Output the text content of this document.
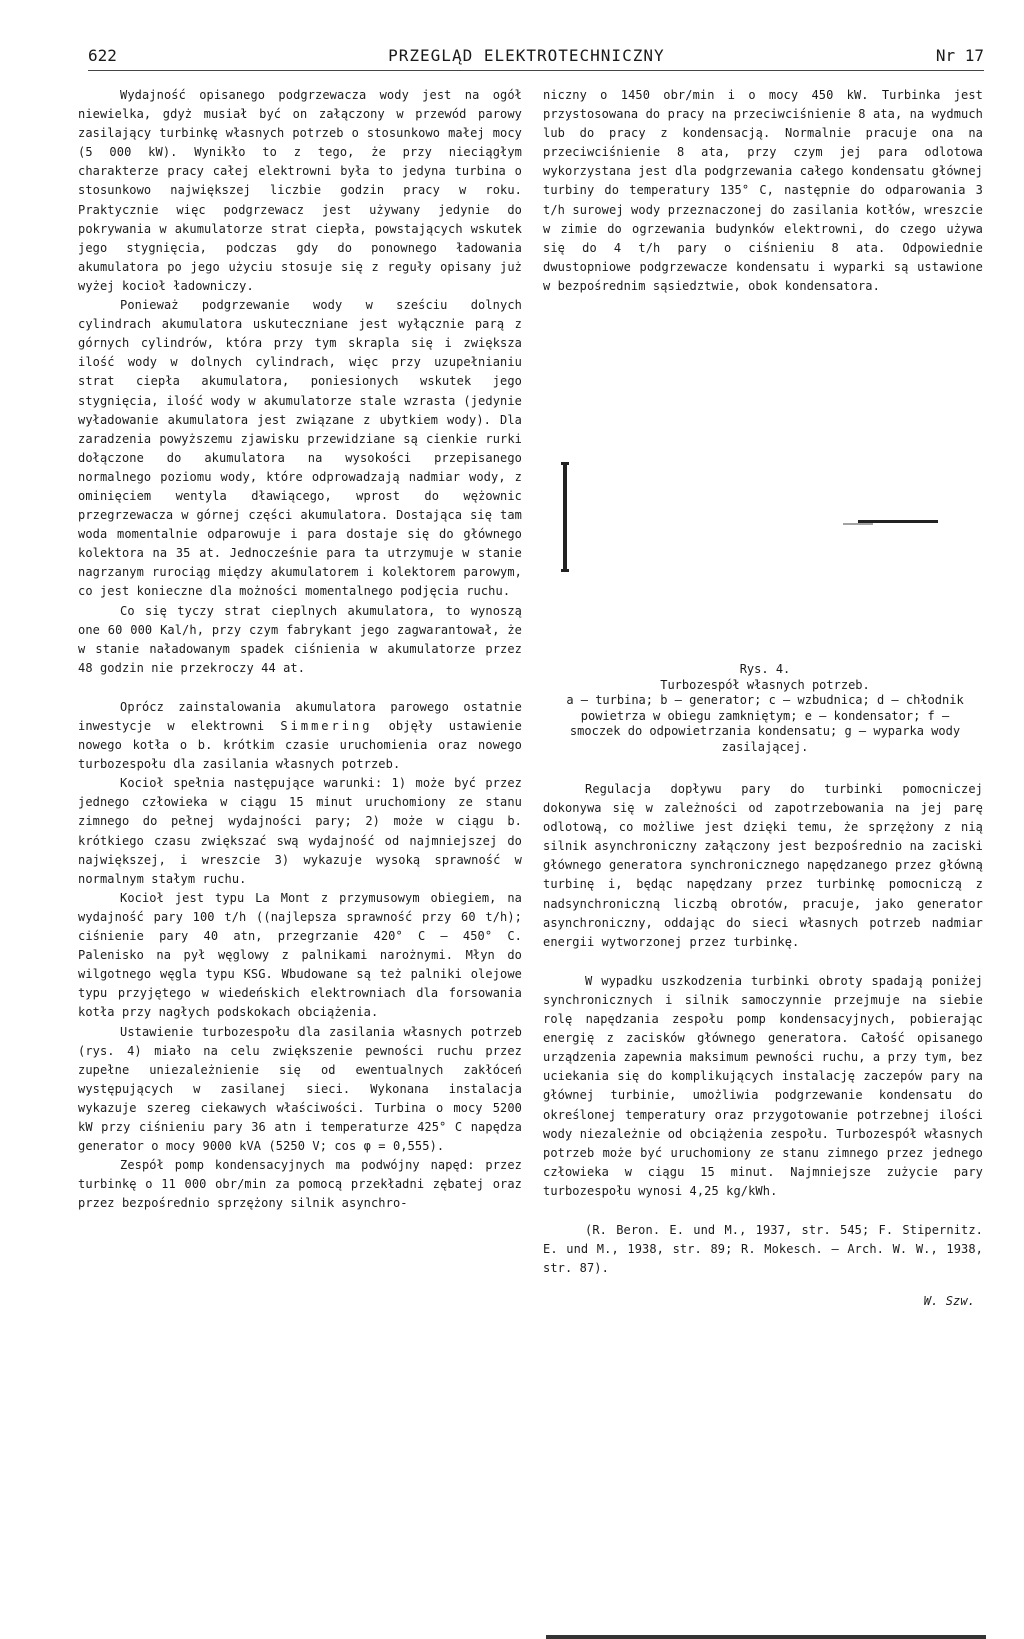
622	PRZEGLĄD ELEKTROTECHNICZNY	Nr 17

Wydajność opisanego podgrzewacza wody jest na ogół niewielka, gdyż musiał być on załączony w przewód parowy zasilający turbinkę własnych potrzeb o stosunkowo małej mocy (5 000 kW). Wynikło to z tego, że przy nieciągłym charakterze pracy całej elektrowni była to jedyna turbina o stosunkowo największej liczbie godzin pracy w roku. Praktycznie więc podgrzewacz jest używany jedynie do pokrywania w akumulatorze strat ciepła, powstających wskutek jego stygnięcia, podczas gdy do ponownego ładowania akumulatora po jego użyciu stosuje się z reguły opisany już wyżej kocioł ładowniczy.

Ponieważ podgrzewanie wody w sześciu dolnych cylindrach akumulatora uskuteczniane jest wyłącznie parą z górnych cylindrów, która przy tym skrapla się i zwiększa ilość wody w dolnych cylindrach, więc przy uzupełnianiu strat ciepła akumulatora, poniesionych wskutek jego stygnięcia, ilość wody w akumulatorze stale wzrasta (jedynie wyładowanie akumulatora jest związane z ubytkiem wody). Dla zaradzenia powyższemu zjawisku przewidziane są cienkie rurki dołączone do akumulatora na wysokości przepisanego normalnego poziomu wody, które odprowadzają nadmiar wody, z ominięciem wentyla dławiącego, wprost do wężownic przegrzewacza w górnej części akumulatora. Dostająca się tam woda momentalnie odparowuje i para dostaje się do głównego kolektora na 35 at. Jednocześnie para ta utrzymuje w stanie nagrzanym rurociąg między akumulatorem i kolektorem parowym, co jest konieczne dla możności momentalnego podjęcia ruchu.

Co się tyczy strat cieplnych akumulatora, to wynoszą one 60 000 Kal/h, przy czym fabrykant jego zagwarantował, że w stanie naładowanym spadek ciśnienia w akumulatorze przez 48 godzin nie przekroczy 44 at.

Oprócz zainstalowania akumulatora parowego ostatnie inwestycje w elektrowni Simmering objęły ustawienie nowego kotła o b. krótkim czasie uruchomienia oraz nowego turbozespołu dla zasilania własnych potrzeb.

Kocioł spełnia następujące warunki: 1) może być przez jednego człowieka w ciągu 15 minut uruchomiony ze stanu zimnego do pełnej wydajności pary; 2) może w ciągu b. krótkiego czasu zwiększać swą wydajność od najmniejszej do największej, i wreszcie 3) wykazuje wysoką sprawność w normalnym stałym ruchu.

Kocioł jest typu La Mont z przymusowym obiegiem, na wydajność pary 100 t/h ((najlepsza sprawność przy 60 t/h); ciśnienie pary 40 atn, przegrzanie 420° C — 450° C. Palenisko na pył węglowy z palnikami narożnymi. Młyn do wilgotnego węgla typu KSG. Wbudowane są też palniki olejowe typu przyjętego w wiedeńskich elektrowniach dla forsowania kotła przy nagłych podskokach obciążenia.

Ustawienie turbozespołu dla zasilania własnych potrzeb (rys. 4) miało na celu zwiększenie pewności ruchu przez zupełne uniezależnienie się od ewentualnych zakłóceń występujących w zasilanej sieci. Wykonana instalacja wykazuje szereg ciekawych właściwości. Turbina o mocy 5200 kW przy ciśnieniu pary 36 atn i temperaturze 425° C napędza generator o mocy 9000 kVA (5250 V; cos φ = 0,555).

Zespół pomp kondensacyjnych ma podwójny napęd: przez turbinkę o 11 000 obr/min za pomocą przekładni zębatej oraz przez bezpośrednio sprzężony silnik asynchro-

niczny o 1450 obr/min i o mocy 450 kW. Turbinka jest przystosowana do pracy na przeciwciśnienie 8 ata, na wydmuch lub do pracy z kondensacją. Normalnie pracuje ona na przeciwciśnienie 8 ata, przy czym jej para odlotowa wykorzystana jest dla podgrzewania całego kondensatu głównej turbiny do temperatury 135° C, następnie do odparowania 3 t/h surowej wody przeznaczonej do zasilania kotłów, wreszcie w zimie do ogrzewania budynków elektrowni, do czego używa się do 4 t/h pary o ciśnieniu 8 ata. Odpowiednie dwustopniowe podgrzewacze kondensatu i wyparki są ustawione w bezpośrednim sąsiedztwie, obok kondensatora.

Rys. 4.
Turbozespół własnych potrzeb.
a — turbina; b — generator; c — wzbudnica; d — chłodnik powietrza w obiegu zamkniętym; e — kondensator; f — smoczek do odpowietrzania kondensatu; g — wyparka wody zasilającej.

Regulacja dopływu pary do turbinki pomocniczej dokonywa się w zależności od zapotrzebowania na jej parę odlotową, co możliwe jest dzięki temu, że sprzężony z nią silnik asynchroniczny załączony jest bezpośrednio na zaciski głównego generatora synchronicznego napędzanego przez główną turbinę i, będąc napędzany przez turbinkę pomocniczą z nadsynchroniczną liczbą obrotów, pracuje, jako generator asynchroniczny, oddając do sieci własnych potrzeb nadmiar energii wytworzonej przez turbinkę.

W wypadku uszkodzenia turbinki obroty spadają poniżej synchronicznych i silnik samoczynnie przejmuje na siebie rolę napędzania zespołu pomp kondensacyjnych, pobierając energię z zacisków głównego generatora. Całość opisanego urządzenia zapewnia maksimum pewności ruchu, a przy tym, bez uciekania się do komplikujących instalację zaczepów pary na głównej turbinie, umożliwia podgrzewanie kondensatu do określonej temperatury oraz przygotowanie potrzebnej ilości wody niezależnie od obciążenia zespołu. Turbozespół własnych potrzeb może być uruchomiony ze stanu zimnego przez jednego człowieka w ciągu 15 minut. Najmniejsze zużycie pary turbozespołu wynosi 4,25 kg/kWh.

(R. Beron. E. und M., 1937, str. 545; F. Stipernitz. E. und M., 1938, str. 89; R. Mokesch. — Arch. W. W., 1938, str. 87).

W. Szw.
